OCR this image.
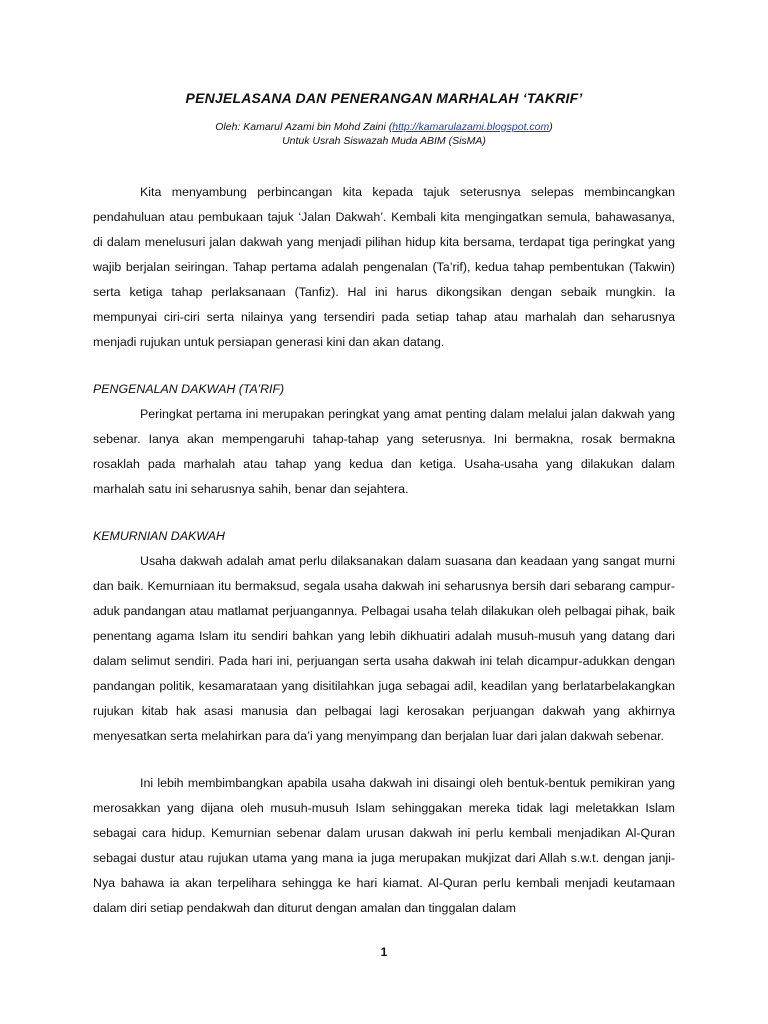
PENJELASANA DAN PENERANGAN MARHALAH ‘TAKRIF’

Oleh: Kamarul Azami bin Mohd Zaini (http://kamarulazami.blogspot.com)

Untuk Usrah Siswazah Muda ABIM (SisMA)

Kita menyambung perbincangan kita kepada tajuk seterusnya selepas membincangkan pendahuluan atau pembukaan tajuk ‘Jalan Dakwah’. Kembali kita mengingatkan semula, bahawasanya, di dalam menelusuri jalan dakwah yang menjadi pilihan hidup kita bersama, terdapat tiga peringkat yang wajib berjalan seiringan. Tahap pertama adalah pengenalan (Ta’rif), kedua tahap pembentukan (Takwin) serta ketiga tahap perlaksanaan (Tanfiz). Hal ini harus dikongsikan dengan sebaik mungkin. Ia mempunyai ciri-ciri serta nilainya yang tersendiri pada setiap tahap atau marhalah dan seharusnya menjadi rujukan untuk persiapan generasi kini dan akan datang.

PENGENALAN DAKWAH (TA’RIF)

Peringkat pertama ini merupakan peringkat yang amat penting dalam melalui jalan dakwah yang sebenar. Ianya akan mempengaruhi tahap-tahap yang seterusnya. Ini bermakna, rosak bermakna rosaklah pada marhalah atau tahap yang kedua dan ketiga. Usaha-usaha yang dilakukan dalam marhalah satu ini seharusnya sahih, benar dan sejahtera.

KEMURNIAN DAKWAH

Usaha dakwah adalah amat perlu dilaksanakan dalam suasana dan keadaan yang sangat murni dan baik. Kemurniaan itu bermaksud, segala usaha dakwah ini seharusnya bersih dari sebarang campur-aduk pandangan atau matlamat perjuangannya. Pelbagai usaha telah dilakukan oleh pelbagai pihak, baik penentang agama Islam itu sendiri bahkan yang lebih dikhuatiri adalah musuh-musuh yang datang dari dalam selimut sendiri. Pada hari ini, perjuangan serta usaha dakwah ini telah dicampur-adukkan dengan pandangan politik, kesamarataan yang disitilahkan juga sebagai adil, keadilan yang berlatarbelakangkan rujukan kitab hak asasi manusia dan pelbagai lagi kerosakan perjuangan dakwah yang akhirnya menyesatkan serta melahirkan para da’i yang menyimpang dan berjalan luar dari jalan dakwah sebenar.

Ini lebih membimbangkan apabila usaha dakwah ini disaingi oleh bentuk-bentuk pemikiran yang merosakkan yang dijana oleh musuh-musuh Islam sehinggakan mereka tidak lagi meletakkan Islam sebagai cara hidup. Kemurnian sebenar dalam urusan dakwah ini perlu kembali menjadikan Al-Quran sebagai dustur atau rujukan utama yang mana ia juga merupakan mukjizat dari Allah s.w.t. dengan janji-Nya bahawa ia akan terpelihara sehingga ke hari kiamat. Al-Quran perlu kembali menjadi keutamaan dalam diri setiap pendakwah dan diturut dengan amalan dan tinggalan dalam

1
